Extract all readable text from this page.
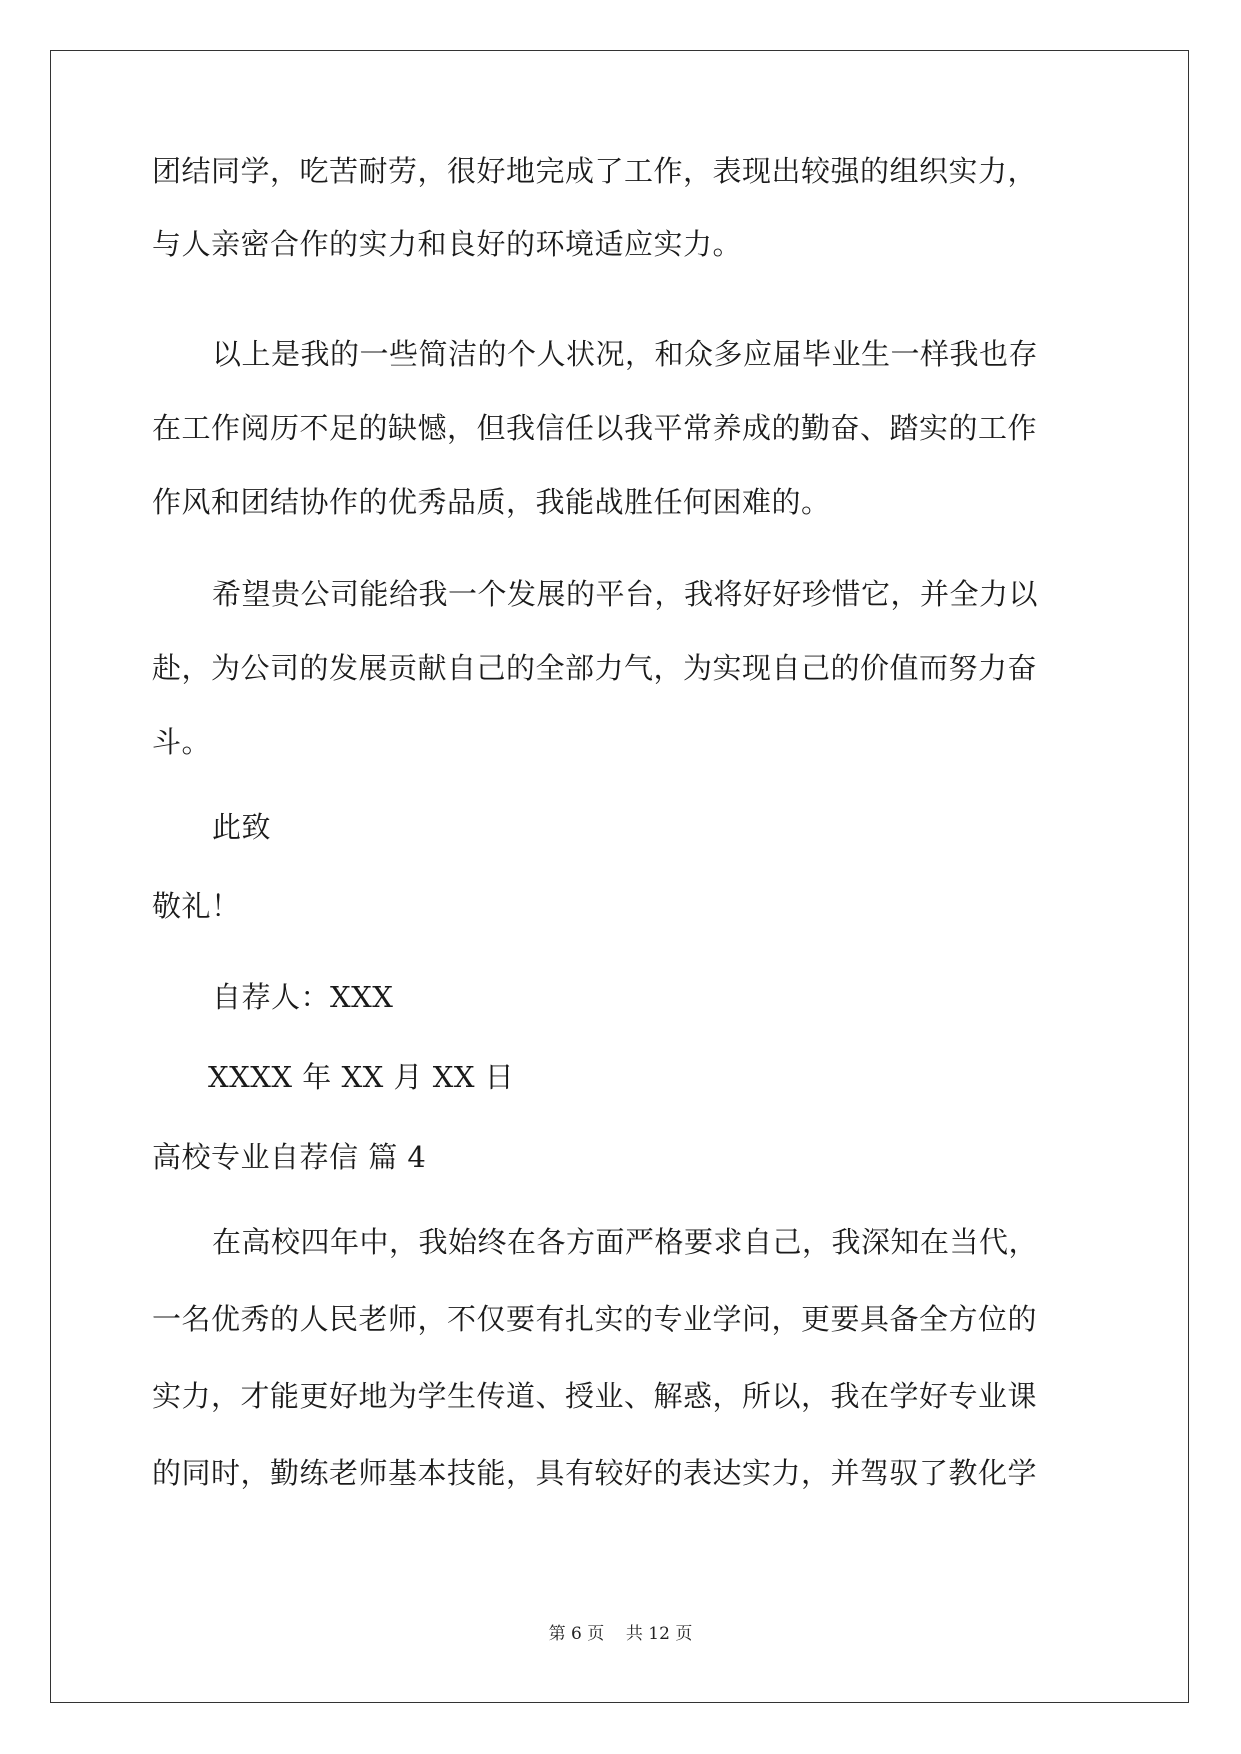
团结同学，吃苦耐劳，很好地完成了工作，表现出较强的组织实力，
与人亲密合作的实力和良好的环境适应实力。
以上是我的一些简洁的个人状况，和众多应届毕业生一样我也存
在工作阅历不足的缺憾，但我信任以我平常养成的勤奋、踏实的工作
作风和团结协作的优秀品质，我能战胜任何困难的。
希望贵公司能给我一个发展的平台，我将好好珍惜它，并全力以
赴，为公司的发展贡献自己的全部力气，为实现自己的价值而努力奋
斗。
此致
敬礼！
自荐人：XXX
XXXX 年 XX 月 XX 日
高校专业自荐信 篇 4
在高校四年中，我始终在各方面严格要求自己，我深知在当代，
一名优秀的人民老师，不仅要有扎实的专业学问，更要具备全方位的
实力，才能更好地为学生传道、授业、解惑，所以，我在学好专业课
的同时，勤练老师基本技能，具有较好的表达实力，并驾驭了教化学
第 6 页    共 12 页
